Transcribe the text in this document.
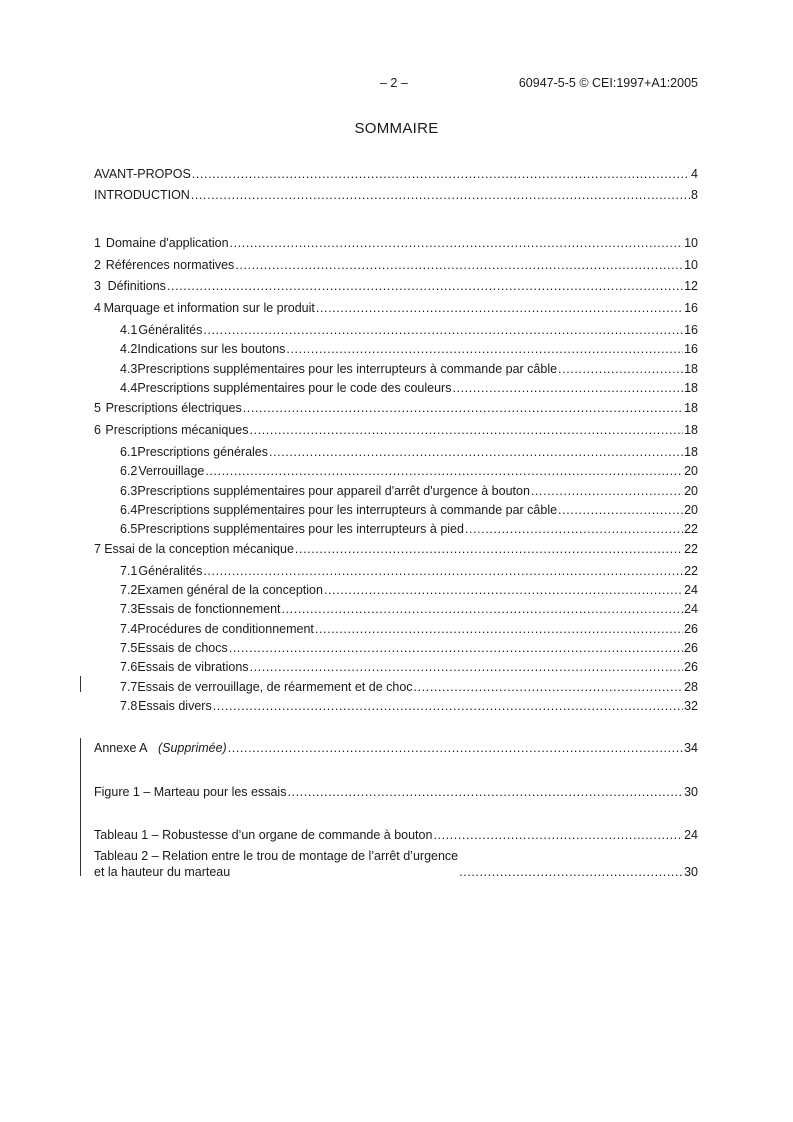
– 2 –	60947-5-5 © CEI:1997+A1:2005
SOMMAIRE
AVANT-PROPOS .....	4
INTRODUCTION .....	8
1 Domaine d'application .....	10
2 Références normatives .....	10
3 Définitions .....	12
4 Marquage et information sur le produit .....	16
4.1 Généralités .....	16
4.2 Indications sur les boutons .....	16
4.3 Prescriptions supplémentaires pour les interrupteurs à commande par câble .....	18
4.4 Prescriptions supplémentaires pour le code des couleurs .....	18
5 Prescriptions électriques .....	18
6 Prescriptions mécaniques .....	18
6.1 Prescriptions générales .....	18
6.2 Verrouillage .....	20
6.3 Prescriptions supplémentaires pour appareil d'arrêt d'urgence à bouton .....	20
6.4 Prescriptions supplémentaires pour les interrupteurs à commande par câble .....	20
6.5 Prescriptions supplémentaires pour les interrupteurs à pied .....	22
7 Essai de la conception mécanique .....	22
7.1 Généralités .....	22
7.2 Examen général de la conception .....	24
7.3 Essais de fonctionnement .....	24
7.4 Procédures de conditionnement .....	26
7.5 Essais de chocs .....	26
7.6 Essais de vibrations .....	26
7.7 Essais de verrouillage, de réarmement et de choc .....	28
7.8 Essais divers .....	32
Annexe A (Supprimée) .....	34
Figure 1 – Marteau pour les essais .....	30
Tableau 1 – Robustesse d’un organe de commande à bouton .....	24
Tableau 2 – Relation entre le trou de montage de l’arrêt d’urgence
et la hauteur du marteau .....	30
